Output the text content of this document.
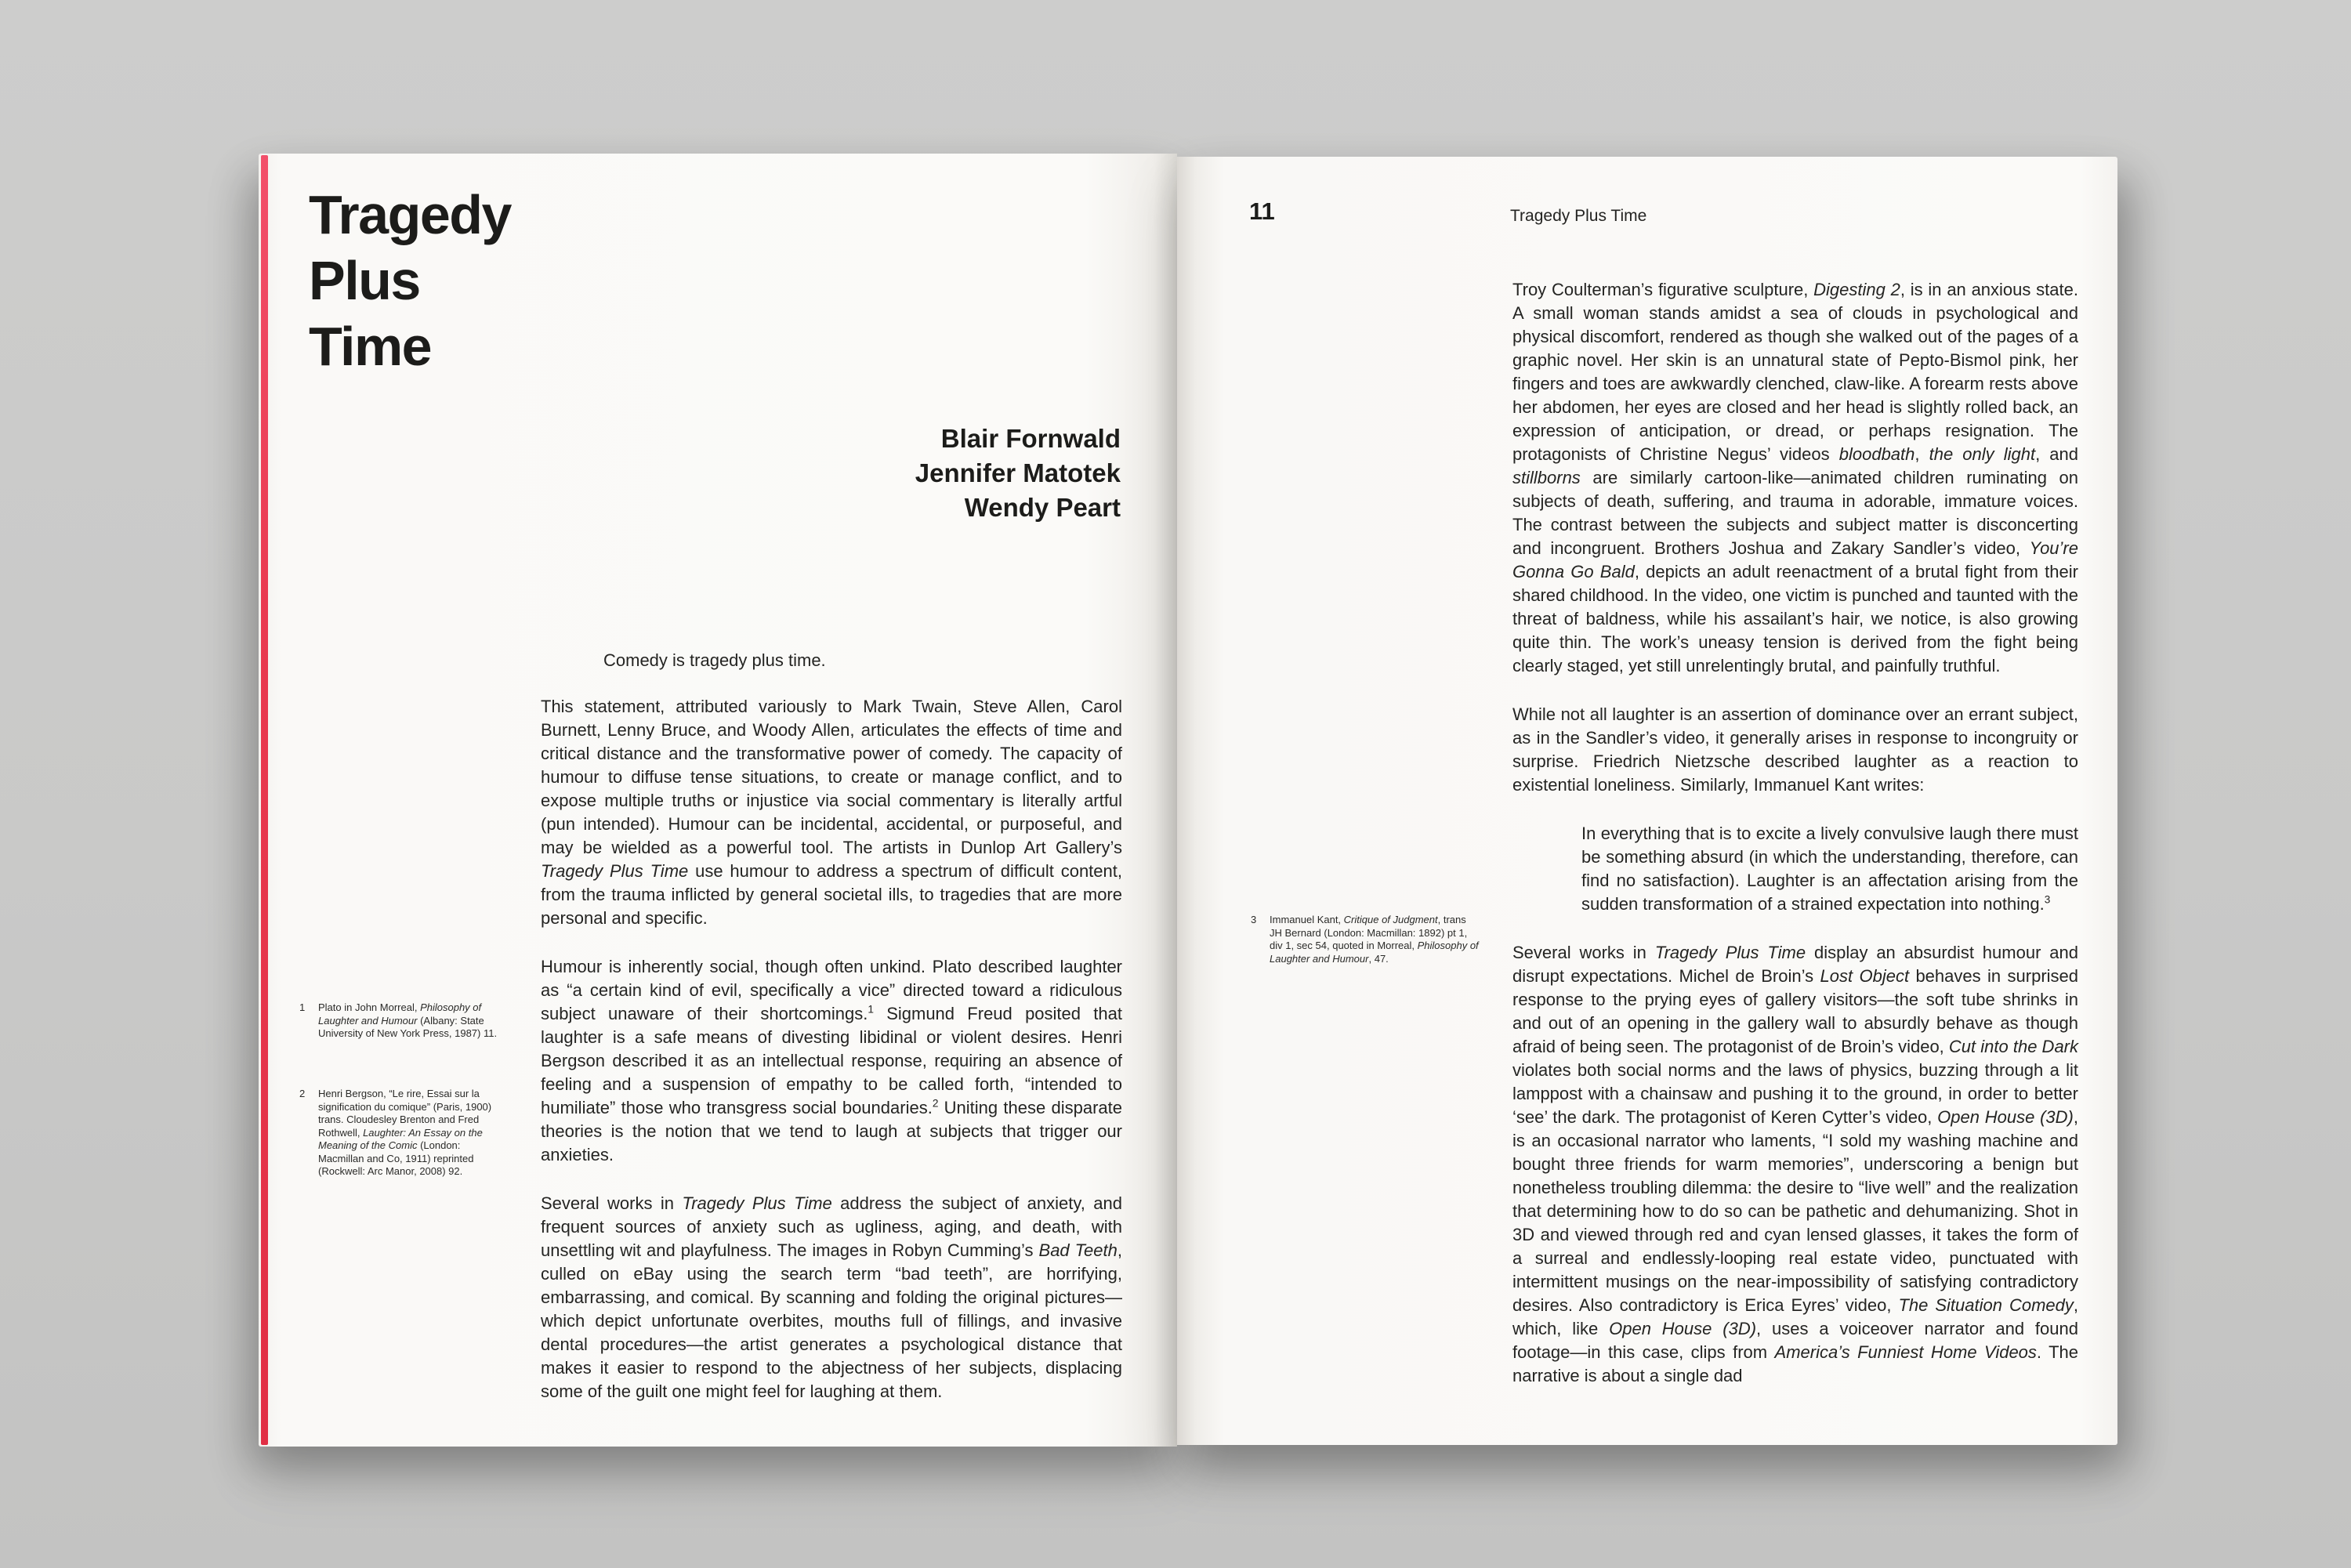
Tragedy
Plus
Time
Blair Fornwald
Jennifer Matotek
Wendy Peart

Comedy is tragedy plus time.

This statement, attributed variously to Mark Twain, Steve Allen, Carol Burnett, Lenny Bruce, and Woody Allen, articulates the effects of time and critical distance and the transformative power of comedy. The capacity of humour to diffuse tense situations, to create or manage conflict, and to expose multiple truths or injustice via social commentary is literally artful (pun intended). Humour can be incidental, accidental, or purposeful, and may be wielded as a powerful tool. The artists in Dunlop Art Gallery’s Tragedy Plus Time use humour to address a spectrum of difficult content, from the trauma inflicted by general societal ills, to tragedies that are more personal and specific.

Humour is inherently social, though often unkind. Plato described laughter as “a certain kind of evil, specifically a vice” directed toward a ridiculous subject unaware of their shortcomings.$^1$ Sigmund Freud posited that laughter is a safe means of divesting libidinal or violent desires. Henri Bergson described it as an intellectual response, requiring an absence of feeling and a suspension of empathy to be called forth, “intended to humiliate” those who transgress social boundaries.$^2$ Uniting these disparate theories is the notion that we tend to laugh at subjects that trigger our anxieties.

Several works in Tragedy Plus Time address the subject of anxiety, and frequent sources of anxiety such as ugliness, aging, and death, with unsettling wit and playfulness. The images in Robyn Cumming’s Bad Teeth, culled on eBay using the search term “bad teeth”, are horrifying, embarrassing, and comical. By scanning and folding the original pictures—which depict unfortunate overbites, mouths full of fillings, and invasive dental procedures—the artist generates a psychological distance that makes it easier to respond to the abjectness of her subjects, displacing some of the guilt one might feel for laughing at them.

1	Plato in John Morreal, Philosophy of Laughter and Humour (Albany: State University of New York Press, 1987) 11.
2	Henri Bergson, “Le rire, Essai sur la signification du comique” (Paris, 1900) trans. Cloudesley Brenton and Fred Rothwell, Laughter: An Essay on the Meaning of the Comic (London: Macmillan and Co, 1911) reprinted (Rockwell: Arc Manor, 2008) 92.
11	Tragedy Plus Time

Troy Coulterman’s figurative sculpture, Digesting 2, is in an anxious state. A small woman stands amidst a sea of clouds in psychological and physical discomfort, rendered as though she walked out of the pages of a graphic novel. Her skin is an unnatural state of Pepto-Bismol pink, her fingers and toes are awkwardly clenched, claw-like. A forearm rests above her abdomen, her eyes are closed and her head is slightly rolled back, an expression of anticipation, or dread, or perhaps resignation. The protagonists of Christine Negus’ videos bloodbath, the only light, and stillborns are similarly cartoon-like—animated children ruminating on subjects of death, suffering, and trauma in adorable, immature voices. The contrast between the subjects and subject matter is disconcerting and incongruent. Brothers Joshua and Zakary Sandler’s video, You’re Gonna Go Bald, depicts an adult reenactment of a brutal fight from their shared childhood. In the video, one victim is punched and taunted with the threat of baldness, while his assailant’s hair, we notice, is also growing quite thin. The work’s uneasy tension is derived from the fight being clearly staged, yet still unrelentingly brutal, and painfully truthful.

While not all laughter is an assertion of dominance over an errant subject, as in the Sandler’s video, it generally arises in response to incongruity or surprise. Friedrich Nietzsche described laughter as a reaction to existential loneliness. Similarly, Immanuel Kant writes:

In everything that is to excite a lively convulsive laugh there must be something absurd (in which the understanding, therefore, can find no satisfaction). Laughter is an affectation arising from the sudden transformation of a strained expectation into nothing.$^3$

Several works in Tragedy Plus Time display an absurdist humour and disrupt expectations. Michel de Broin’s Lost Object behaves in surprised response to the prying eyes of gallery visitors—the soft tube shrinks in and out of an opening in the gallery wall to absurdly behave as though afraid of being seen. The protagonist of de Broin’s video, Cut into the Dark violates both social norms and the laws of physics, buzzing through a lit lamppost with a chainsaw and pushing it to the ground, in order to better ‘see’ the dark. The protagonist of Keren Cytter’s video, Open House (3D), is an occasional narrator who laments, “I sold my washing machine and bought three friends for warm memories”, underscoring a benign but nonetheless troubling dilemma: the desire to “live well” and the realization that determining how to do so can be pathetic and dehumanizing. Shot in 3D and viewed through red and cyan lensed glasses, it takes the form of a surreal and endlessly-looping real estate video, punctuated with intermittent musings on the near-impossibility of satisfying contradictory desires. Also contradictory is Erica Eyres’ video, The Situation Comedy, which, like Open House (3D), uses a voiceover narrator and found footage—in this case, clips from America’s Funniest Home Videos. The narrative is about a single dad

3	Immanuel Kant, Critique of Judgment, trans JH Bernard (London: Macmillan: 1892) pt 1, div 1, sec 54, quoted in Morreal, Philosophy of Laughter and Humour, 47.
